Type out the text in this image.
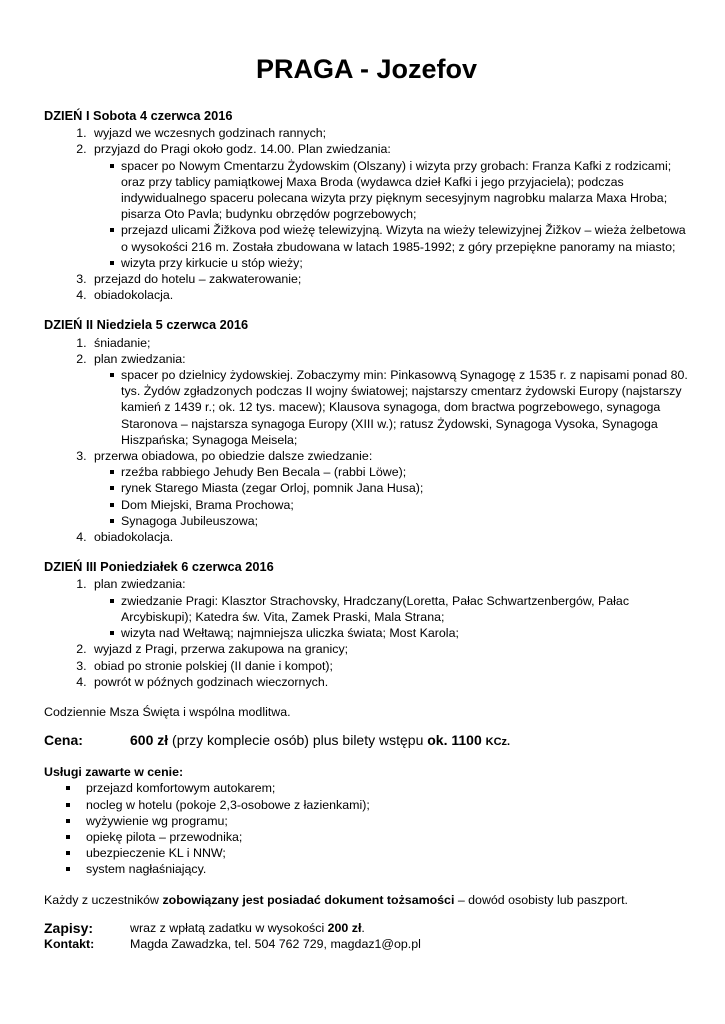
PRAGA - Jozefov
DZIEŃ I Sobota 4 czerwca 2016
1. wyjazd we wczesnych godzinach rannych;
2. przyjazd do Pragi około godz. 14.00. Plan zwiedzania:
spacer po Nowym Cmentarzu Żydowskim (Olszany) i wizyta przy grobach: Franza Kafki z rodzicami; oraz przy tablicy pamiątkowej Maxa Broda (wydawca dzieł Kafki i jego przyjaciela); podczas indywidualnego spaceru polecana wizyta przy pięknym secesyjnym nagrobku malarza Maxa Hroba; pisarza Oto Pavla; budynku obrzędów pogrzebowych;
przejazd ulicami Žižkova pod wieżę telewizyjną. Wizyta na wieży telewizyjnej Žižkov – wieża żelbetowa o wysokości 216 m. Została zbudowana w latach 1985-1992; z góry przepiękne panoramy na miasto;
wizyta przy kirkucie u stóp wieży;
3. przejazd do hotelu – zakwaterowanie;
4. obiadokolacja.
DZIEŃ II Niedziela 5 czerwca 2016
1. śniadanie;
2. plan zwiedzania:
spacer po dzielnicy żydowskiej. Zobaczymy min: Pinkasowvą Synagogę z 1535 r. z napisami ponad 80. tys. Żydów zgładzonych podczas II wojny światowej; najstarszy cmentarz żydowski Europy (najstarszy kamień z 1439 r.; ok. 12 tys. macew); Klausova synagoga, dom bractwa pogrzebowego, synagoga Staronova – najstarsza synagoga Europy (XIII w.); ratusz Żydowski, Synagoga Vysoka, Synagoga Hiszpańska; Synagoga Meisela;
3. przerwa obiadowa, po obiedzie dalsze zwiedzanie:
rzeźba rabbiego Jehudy Ben Becala – (rabbi Löwe);
rynek Starego Miasta (zegar Orloj, pomnik Jana Husa);
Dom Miejski, Brama Prochowa;
Synagoga Jubileuszowa;
4. obiadokolacja.
DZIEŃ III Poniedziałek 6 czerwca 2016
1. plan zwiedzania:
zwiedzanie Pragi: Klasztor Strachovsky, Hradczany(Loretta, Pałac Schwartzenbergów, Pałac Arcybiskupi); Katedra św. Vita, Zamek Praski, Mala Strana;
wizyta nad Wełtawą; najmniejsza uliczka świata; Most Karola;
2. wyjazd z Pragi, przerwa zakupowa na granicy;
3. obiad po stronie polskiej (II danie i kompot);
4. powrót w późnych godzinach wieczornych.
Codziennie Msza Święta i wspólna modlitwa.
Cena:	600 zł (przy komplecie osób) plus bilety wstępu ok. 1100 KCz.
Usługi zawarte w cenie:
przejazd komfortowym autokarem;
nocleg w hotelu (pokoje 2,3-osobowe z łazienkami);
wyżywienie wg programu;
opiekę pilota – przewodnika;
ubezpieczenie KL i NNW;
system nagłaśniający.
Każdy z uczestników zobowiązany jest posiadać dokument tożsamości – dowód osobisty lub paszport.
Zapisy:	wraz z wpłatą zadatku w wysokości 200 zł.
Kontakt:	Magda Zawadzka, tel. 504 762 729, magdaz1@op.pl
